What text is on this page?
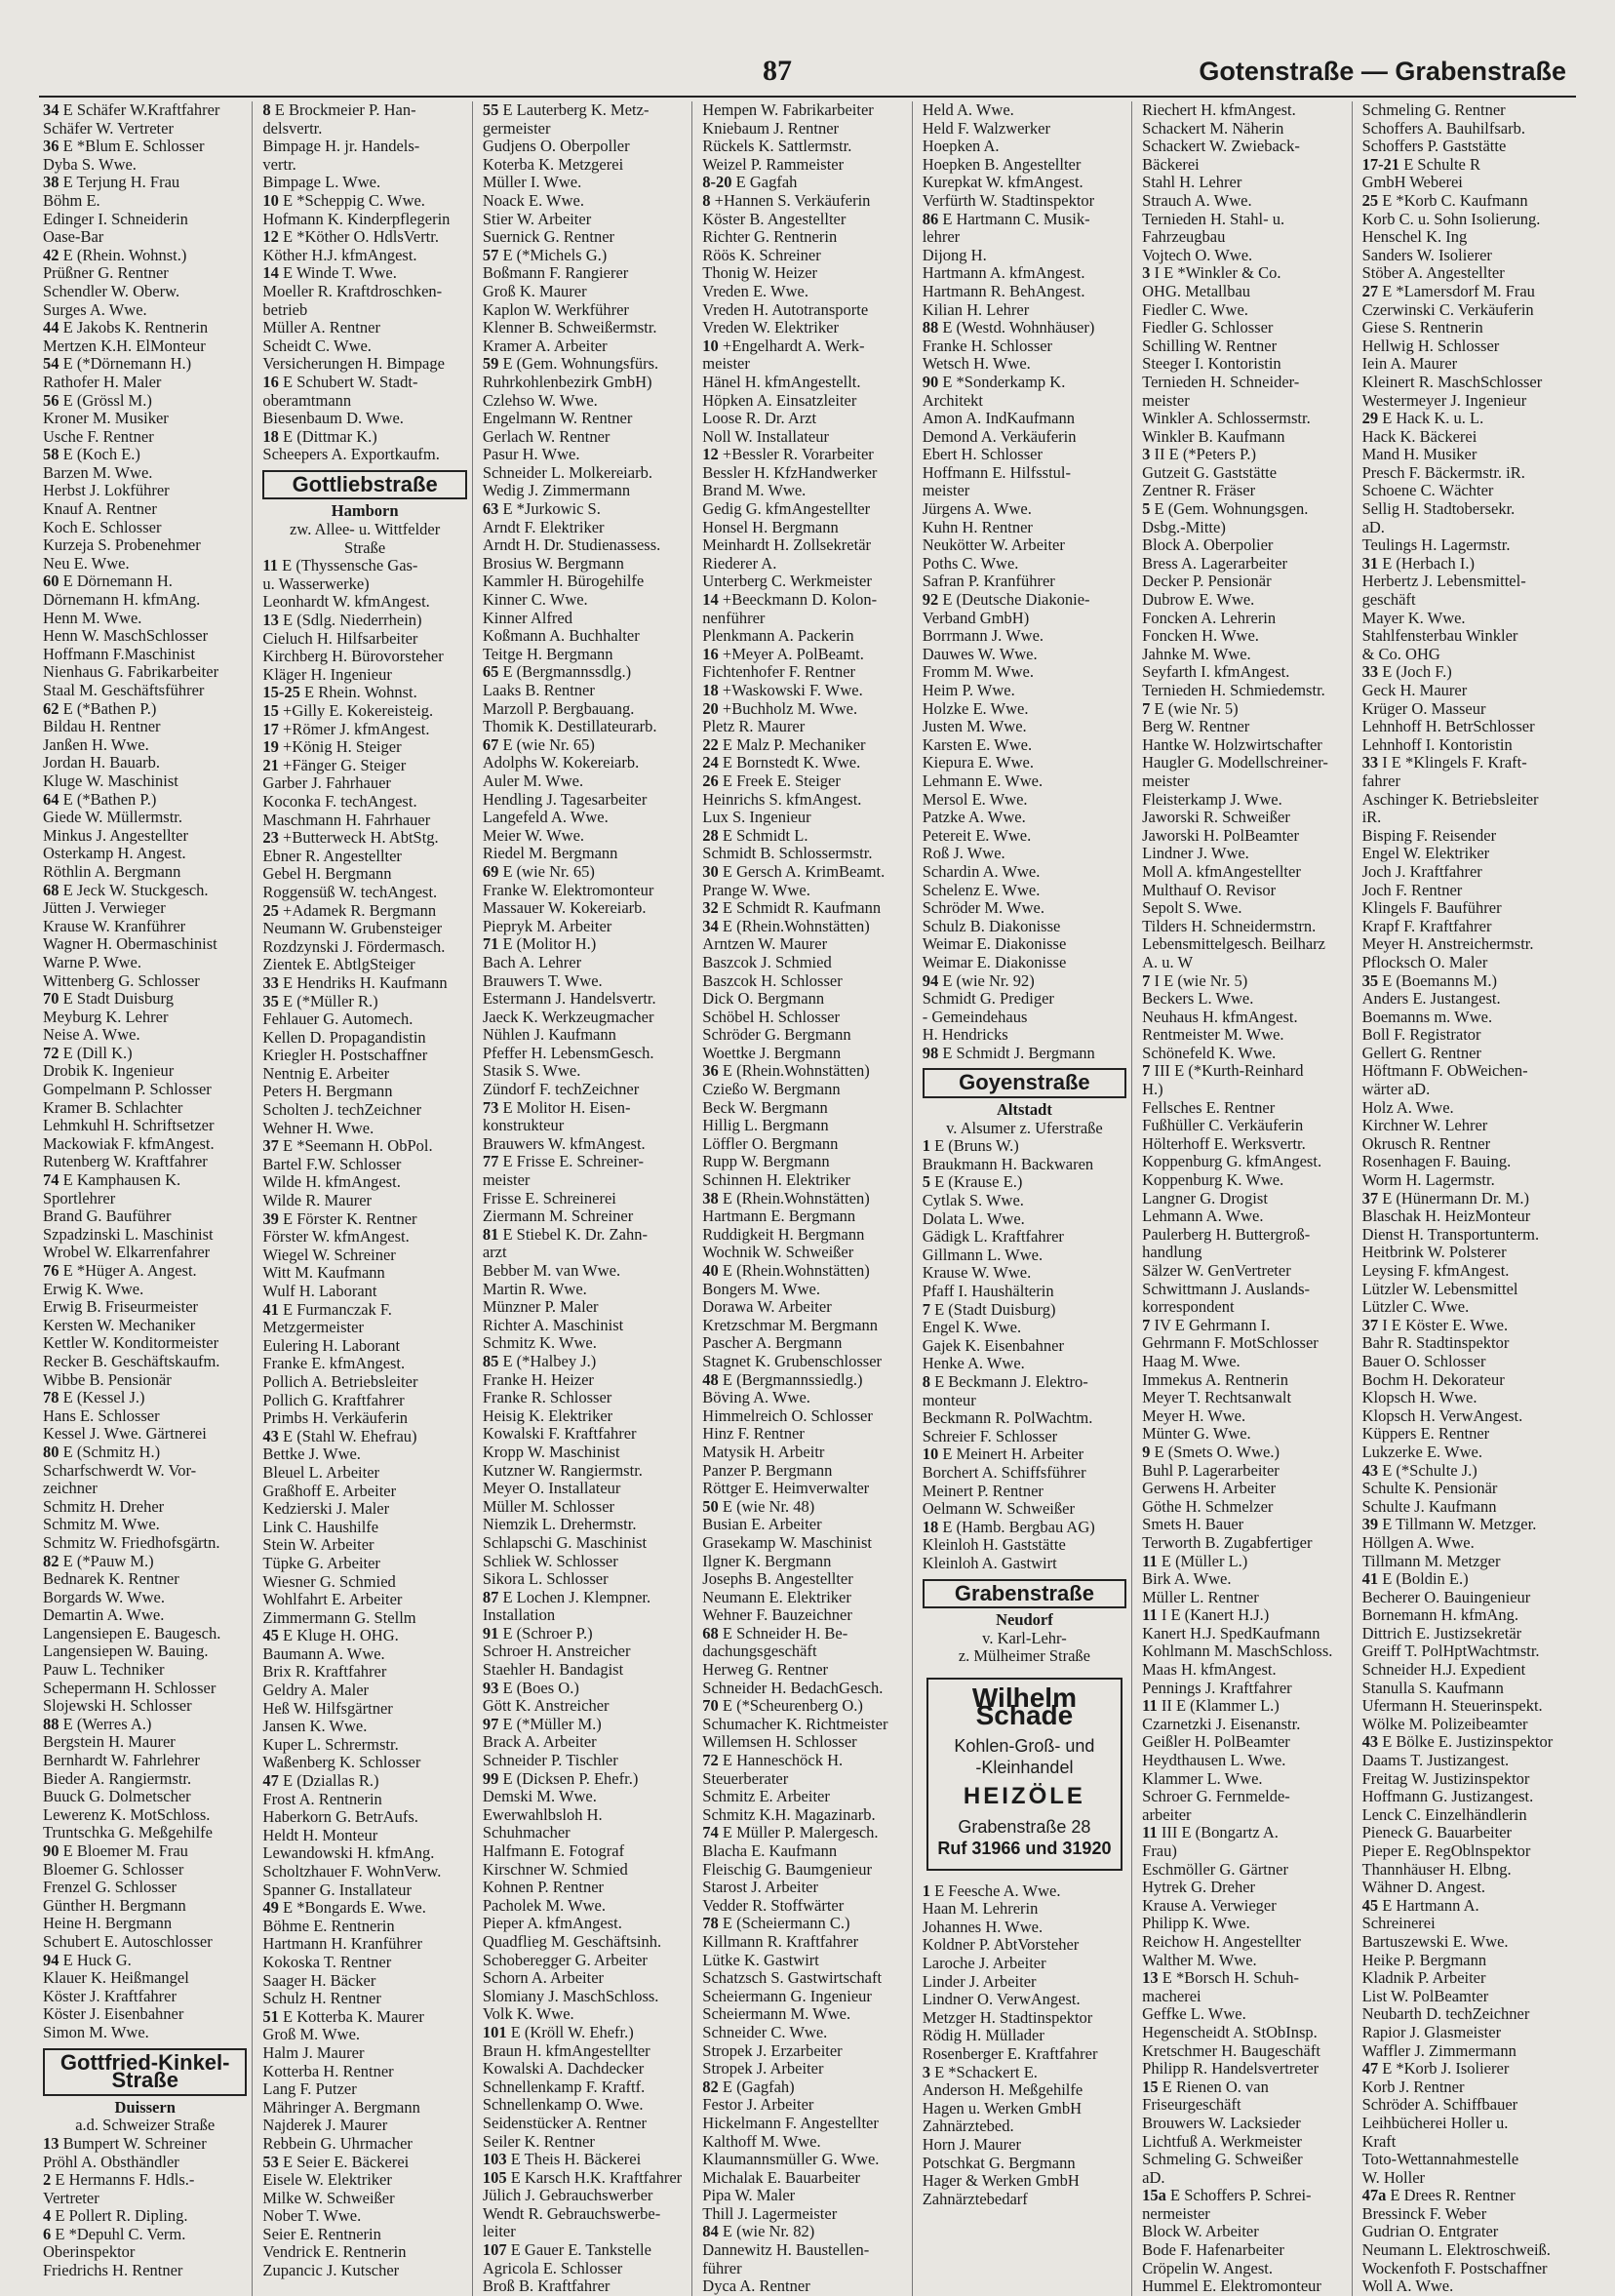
87	Gotenstraße — Grabenstraße
34 E Schäfer W.Kraftfahrer
Schäfer W. Vertreter
36 E *Blum E. Schlosser
Dyba S. Wwe.
38 E Terjung H. Frau
Böhm E.
Edinger I. Schneiderin
Oase-Bar
42 E (Rhein. Wohnst.)
Prüßner G. Rentner
Schendler W. Oberw.
Surges A. Wwe.
44 E Jakobs K. Rentnerin
Mertzen K.H. ElMonteur
54 E (*Dörnemann H.)
Rathofer H. Maler
56 E (Grössl M.)
Kroner M. Musiker
Usche F. Rentner
58 E (Koch E.)
Barzen M. Wwe.
Herbst J. Lokführer
Knauf A. Rentner
Koch E. Schlosser
Kurzeja S. Probenehmer
Neu E. Wwe.
60 E Dörnemann H.
Dörnemann H. kfmAng.
Henn M. Wwe.
Henn W. MaschSchlosser
Hoffmann F.Maschinist
Nienhaus G. Fabrikarbeiter
Staal M. Geschäftsführer
62 E (*Bathen P.)
Bildau H. Rentner
Janßen H. Wwe.
Jordan H. Bauarb.
Kluge W. Maschinist
64 E (*Bathen P.)
Giede W. Müllermstr.
Minkus J. Angestellter
Osterkamp H. Angest.
Röthlin A. Bergmann
68 E Jeck W. Stuckgesch.
Jütten J. Verwieger
Krause W. Kranführer
Wagner H. Obermaschinist
Warne P. Wwe.
Wittenberg G. Schlosser
70 E Stadt Duisburg
Meyburg K. Lehrer
Neise A. Wwe.
72 E (Dill K.)
Drobik K. Ingenieur
Gompelmann P. Schlosser
Kramer B. Schlachter
Lehmkuhl H. Schriftsetzer
Mackowiak F. kfmAngest.
Rutenberg W. Kraftfahrer
74 E Kamphausen K.
Sportlehrer
Brand G. Bauführer
Szpadzinski L. Maschinist
Wrobel W. Elkarrenfahrer
76 E *Hüger A. Angest.
Erwig K. Wwe.
Erwig B. Friseurmeister
Kersten W. Mechaniker
Kettler W. Konditormeister
Recker B. Geschäftskaufm.
Wibbe B. Pensionär
78 E (Kessel J.)
Hans E. Schlosser
Kessel J. Wwe. Gärtnerei
80 E (Schmitz H.)
Scharfschwerdt W. Vor-
zeichner
Schmitz H. Dreher
Schmitz M. Wwe.
Schmitz W. Friedhofsgärtn.
82 E (*Pauw M.)
Bednarek K. Rentner
Borgards W. Wwe.
Demartin A. Wwe.
Langensiepen E. Baugesch.
Langensiepen W. Bauing.
Pauw L. Techniker
Schepermann H. Schlosser
Slojewski H. Schlosser
88 E (Werres A.)
Bergstein H. Maurer
Bernhardt W. Fahrlehrer
Bieder A. Rangiermstr.
Buuck G. Dolmetscher
Lewerenz K. MotSchloss.
Truntschka G. Meßgehilfe
90 E Bloemer M. Frau
Bloemer G. Schlosser
Frenzel G. Schlosser
Günther H. Bergmann
Heine H. Bergmann
Schubert E. Autoschlosser
94 E Huck G.
Klauer K. Heißmangel
Köster J. Kraftfahrer
Köster J. Eisenbahner
Simon M. Wwe.
Gottfried-Kinkel-Straße
Duissern
a.d. Schweizer Straße
13 Bumpert W. Schreiner
Pröhl A. Obsthändler
2 E Hermanns F. Hdls.-
Vertreter
4 E Pollert R. Dipling.
6 E *Depuhl C. Verm.
Oberinspektor
Friedrichs H. Rentner
8 E Brockmeier P. Han-
delsvertr.
Bimpage H. jr. Handels-
vertr.
Bimpage L. Wwe.
10 E *Scheppig C. Wwe.
Hofmann K. Kinderpflegerin
12 E *Köther O. HdlsVertr.
Köther H.J. kfmAngest.
14 E Winde T. Wwe.
Moeller R. Kraftdroschken-
betrieb
Müller A. Rentner
Scheidt C. Wwe.
Versicherungen H. Bimpage
16 E Schubert W. Stadt-
oberamtmann
Biesenbaum D. Wwe.
18 E (Dittmar K.)
Scheepers A. Exportkaufm.
Gottliebstraße
Hamborn
zw. Allee- u. Wittfelder
Straße
11 E (Thyssensche Gas-
u. Wasserwerke)
Leonhardt W. kfmAngest.
13 E (Sdlg. Niederrhein)
Cieluch H. Hilfsarbeiter
Kirchberg H. Bürovorsteher
Kläger H. Ingenieur
15-25 E Rhein. Wohnst.
15 +Gilly E. Kokereisteig.
17 +Römer J. kfmAngest.
19 +König H. Steiger
21 +Fänger G. Steiger
Garber J. Fahrhauer
Koconka F. techAngest.
Maschmann H. Fahrhauer
23 +Butterweck H. AbtStg.
Ebner R. Angestellter
Gebel H. Bergmann
Roggensüß W. techAngest.
25 +Adamek R. Bergmann
Neumann W. Grubensteiger
Rozdzynski J. Fördermasch.
Zientek E. AbtlgSteiger
33 E Hendriks H. Kaufmann
35 E (*Müller R.)
Fehlauer G. Automech.
Kellen D. Propagandistin
Kriegler H. Postschaffner
Nentnig E. Arbeiter
Peters H. Bergmann
Scholten J. techZeichner
Wehner H. Wwe.
37 E *Seemann H. ObPol.
Bartel F.W. Schlosser
Wilde H. kfmAngest.
Wilde R. Maurer
39 E Förster K. Rentner
Förster W. kfmAngest.
Wiegel W. Schreiner
Witt M. Kaufmann
Wulf H. Laborant
41 E Furmanczak F.
Metzgermeister
Eulering H. Laborant
Franke E. kfmAngest.
Pollich A. Betriebsleiter
Pollich G. Kraftfahrer
Primbs H. Verkäuferin
43 E (Stahl W. Ehefrau)
Bettke J. Wwe.
Bleuel L. Arbeiter
Graßhoff E. Arbeiter
Kedzierski J. Maler
Link C. Haushilfe
Stein W. Arbeiter
Tüpke G. Arbeiter
Wiesner G. Schmied
Wohlfahrt E. Arbeiter
Zimmermann G. Stellm
45 E Kluge H. OHG.
Baumann A. Wwe.
Brix R. Kraftfahrer
Geldry A. Maler
Heß W. Hilfsgärtner
Jansen K. Wwe.
Kuper L. Schrermstr.
Waßenberg K. Schlosser
47 E (Dziallas R.)
Frost A. Rentnerin
Haberkorn G. BetrAufs.
Heldt H. Monteur
Lewandowski H. kfmAng.
Scholtzhauer F. WohnVerw.
Spanner G. Installateur
49 E *Bongards E. Wwe.
Böhme E. Rentnerin
Hartmann H. Kranführer
Kokoska T. Rentner
Saager H. Bäcker
Schulz H. Rentner
51 E Kotterba K. Maurer
Groß M. Wwe.
Halm J. Maurer
Kotterba H. Rentner
Lang F. Putzer
Mähringer A. Bergmann
Najderek J. Maurer
Rebbein G. Uhrmacher
53 E Seier E. Bäckerei
Eisele W. Elektriker
Milke W. Schweißer
Nober T. Wwe.
Seier E. Rentnerin
Vendrick E. Rentnerin
Zupancic J. Kutscher
55 E Lauterberg K. Metz-
germeister
Gudjens O. Oberpoller
Koterba K. Metzgerei
Müller I. Wwe.
Noack E. Wwe.
Stier W. Arbeiter
Suernick G. Rentner
57 E (*Michels G.)
Boßmann F. Rangierer
Groß K. Maurer
Kaplon W. Werkführer
Klenner B. Schweißermstr.
Kramer A. Arbeiter
59 E (Gem. Wohnungsfürs.
Ruhrkohlenbezirk GmbH)
Czlehso W. Wwe.
Engelmann W. Rentner
Gerlach W. Rentner
Pasur H. Wwe.
Schneider L. Molkereiarb.
Wedig J. Zimmermann
63 E *Jurkowic S.
Arndt F. Elektriker
Arndt H. Dr. Studienassess.
Brosius W. Bergmann
Kammler H. Bürogehilfe
Kinner C. Wwe.
Kinner Alfred
Koßmann A. Buchhalter
Teitge H. Bergmann
65 E (Bergmannssdlg.)
Laaks B. Rentner
Marzoll P. Bergbauang.
Thomik K. Destillateurarb.
67 E (wie Nr. 65)
Adolphs W. Kokereiarb.
Auler M. Wwe.
Hendling J. Tagesarbeiter
Langefeld A. Wwe.
Meier W. Wwe.
Riedel M. Bergmann
69 E (wie Nr. 65)
Franke W. Elektromonteur
Massauer W. Kokereiarb.
Piepryk M. Arbeiter
71 E (Molitor H.)
Bach A. Lehrer
Brauwers T. Wwe.
Estermann J. Handelsvertr.
Jaeck K. Werkzeugmacher
Nühlen J. Kaufmann
Pfeffer H. LebensmGesch.
Stasik S. Wwe.
Zündorf F. techZeichner
73 E Molitor H. Eisen-
konstrukteur
Brauwers W. kfmAngest.
77 E Frisse E. Schreiner-
meister
Frisse E. Schreinerei
Ziermann M. Schreiner
81 E Stiebel K. Dr. Zahn-
arzt
Bebber M. van Wwe.
Martin R. Wwe.
Münzner P. Maler
Richter A. Maschinist
Schmitz K. Wwe.
85 E (*Halbey J.)
Franke H. Heizer
Franke R. Schlosser
Heisig K. Elektriker
Kowalski F. Kraftfahrer
Kropp W. Maschinist
Kutzner W. Rangiermstr.
Meyer O. Installateur
Müller M. Schlosser
Niemzik L. Drehermstr.
Schlapschi G. Maschinist
Schliek W. Schlosser
Sikora L. Schlosser
87 E Lochen J. Klempner.
Installation
91 E (Schroer P.)
Schroer H. Anstreicher
Staehler H. Bandagist
93 E (Boes O.)
Gött K. Anstreicher
97 E (*Müller M.)
Brack A. Arbeiter
Schneider P. Tischler
99 E (Dicksen P. Ehefr.)
Demski M. Wwe.
Ewerwahlbsloh H.
Schuhmacher
Halfmann E. Fotograf
Kirschner W. Schmied
Kohnen P. Rentner
Pacholek M. Wwe.
Pieper A. kfmAngest.
Quadflieg M. Geschäftsinh.
Schoberegger G. Arbeiter
Schorn A. Arbeiter
Slomiany J. MaschSchloss.
Volk K. Wwe.
101 E (Kröll W. Ehefr.)
Braun H. kfmAngestellter
Kowalski A. Dachdecker
Schnellenkamp F. Kraftf.
Schnellenkamp O. Wwe.
Seidenstücker A. Rentner
Seiler K. Rentner
103 E Theis H. Bäckerei
105 E Karsch H.K. Kraftfahrer
Jülich J. Gebrauchswerber
Wendt R. Gebrauchswerbe-
leiter
107 E Gauer E. Tankstelle
Agricola E. Schlosser
Broß B. Kraftfahrer
Hempen W. Fabrikarbeiter
Kniebaum J. Rentner
Rückels K. Sattlermstr.
Weizel P. Rammeister
8-20 E Gagfah
8 +Hannen S. Verkäuferin
Köster B. Angestellter
Richter G. Rentnerin
Röös K. Schreiner
Thonig W. Heizer
Vreden E. Wwe.
Vreden H. Autotransporte
Vreden W. Elektriker
10 +Engelhardt A. Werk-
meister
Hänel H. kfmAngestellt.
Höpken A. Einsatzleiter
Loose R. Dr. Arzt
Noll W. Installateur
12 +Bessler R. Vorarbeiter
Bessler H. KfzHandwerker
Brand M. Wwe.
Gedig G. kfmAngestellter
Honsel H. Bergmann
Meinhardt H. Zollsekretär
Riederer A.
Unterberg C. Werkmeister
14 +Beeckmann D. Kolon-
nenführer
Plenkmann A. Packerin
16 +Meyer A. PolBeamt.
Fichtenhofer F. Rentner
18 +Waskowski F. Wwe.
20 +Buchholz M. Wwe.
Pletz R. Maurer
22 E Malz P. Mechaniker
24 E Bornstedt K. Wwe.
26 E Freek E. Steiger
Heinrichs S. kfmAngest.
Lux S. Ingenieur
28 E Schmidt L.
Schmidt B. Schlossermstr.
30 E Gersch A. KrimBeamt.
Prange W. Wwe.
32 E Schmidt R. Kaufmann
34 E (Rhein.Wohnstätten)
Arntzen W. Maurer
Baszcok J. Schmied
Baszcok H. Schlosser
Dick O. Bergmann
Schöbel H. Schlosser
Schröder G. Bergmann
Woettke J. Bergmann
36 E (Rhein.Wohnstätten)
Czießo W. Bergmann
Beck W. Bergmann
Hillig L. Bergmann
Löffler O. Bergmann
Rupp W. Bergmann
Schinnen H. Elektriker
38 E (Rhein.Wohnstätten)
Hartmann E. Bergmann
Ruddigkeit H. Bergmann
Wochnik W. Schweißer
40 E (Rhein.Wohnstätten)
Bongers M. Wwe.
Dorawa W. Arbeiter
Kretzschmar M. Bergmann
Pascher A. Bergmann
Stagnet K. Grubenschlosser
48 E (Bergmannssiedlg.)
Böving A. Wwe.
Himmelreich O. Schlosser
Hinz F. Rentner
Matysik H. Arbeitr
Panzer P. Bergmann
Röttger E. Heimverwalter
50 E (wie Nr. 48)
Busian E. Arbeiter
Grasekamp W. Maschinist
Ilgner K. Bergmann
Josephs B. Angestellter
Neumann E. Elektriker
Wehner F. Bauzeichner
68 E Schneider H. Be-
dachungsgeschäft
Herweg G. Rentner
Schneider H. BedachGesch.
70 E (*Scheurenberg O.)
Schumacher K. Richtmeister
Willemsen H. Schlosser
72 E Hanneschöck H.
Steuerberater
Schmitz E. Arbeiter
Schmitz K.H. Magazinarb.
74 E Müller P. Malergesch.
Blacha E. Kaufmann
Fleischig G. Baumgenieur
Starost J. Arbeiter
Vedder R. Stoffwärter
78 E (Scheiermann C.)
Killmann R. Kraftfahrer
Lütke K. Gastwirt
Schatzsch S. Gastwirtschaft
Scheiermann G. Ingenieur
Scheiermann M. Wwe.
Schneider C. Wwe.
Stropek J. Erzarbeiter
Stropek J. Arbeiter
82 E (Gagfah)
Festor J. Arbeiter
Hickelmann F. Angestellter
Kalthoff M. Wwe.
Klaumannsmüller G. Wwe.
Michalak E. Bauarbeiter
Pipa W. Maler
Thill J. Lagermeister
84 E (wie Nr. 82)
Dannewitz H. Baustellen-
führer
Dyca A. Rentner
Held A. Wwe.
Held F. Walzwerker
Hoepken A.
Hoepken B. Angestellter
Kurepkat W. kfmAngest.
Verfürth W. Stadtinspektor
86 E Hartmann C. Musik-
lehrer
Dijong H.
Hartmann A. kfmAngest.
Hartmann R. BehAngest.
Kilian H. Lehrer
88 E (Westd. Wohnhäuser)
Franke H. Schlosser
Wetsch H. Wwe.
90 E *Sonderkamp K.
Architekt
Amon A. IndKaufmann
Demond A. Verkäuferin
Ebert H. Schlosser
Hoffmann E. Hilfsstul-
meister
Jürgens A. Wwe.
Kuhn H. Rentner
Neukötter W. Arbeiter
Poths C. Wwe.
Safran P. Kranführer
92 E (Deutsche Diakonie-
Verband GmbH)
Borrmann J. Wwe.
Dauwes W. Wwe.
Fromm M. Wwe.
Heim P. Wwe.
Holzke E. Wwe.
Justen M. Wwe.
Karsten E. Wwe.
Kiepura E. Wwe.
Lehmann E. Wwe.
Mersol E. Wwe.
Patzke A. Wwe.
Petereit E. Wwe.
Roß J. Wwe.
Schardin A. Wwe.
Schelenz E. Wwe.
Schröder M. Wwe.
Schulz B. Diakonisse
Weimar E. Diakonisse
Weimar E. Diakonisse
94 E (wie Nr. 92)
Schmidt G. Prediger
- Gemeindehaus
H. Hendricks
98 E Schmidt J. Bergmann
Goyenstraße
Altstadt
v. Alsumer z. Uferstraße
1 E (Bruns W.)
Braukmann H. Backwaren
5 E (Krause E.)
Cytlak S. Wwe.
Dolata L. Wwe.
Gädigk L. Kraftfahrer
Gillmann L. Wwe.
Krause W. Wwe.
Pfaff I. Haushälterin
7 E (Stadt Duisburg)
Engel K. Wwe.
Gajek K. Eisenbahner
Henke A. Wwe.
8 E Beckmann J. Elektro-
monteur
Beckmann R. PolWachtm.
Schreier F. Schlosser
10 E Meinert H. Arbeiter
Borchert A. Schiffsführer
Meinert P. Rentner
Oelmann W. Schweißer
18 E (Hamb. Bergbau AG)
Kleinloh H. Gaststätte
Kleinloh A. Gastwirt
Grabenstraße
Neudorf
v. Karl-Lehr-
z. Mülheimer Straße
Wilhelm Schade
Kohlen-Groß- und
-Kleinhandel
HEIZÖLE
Grabenstraße 28
Ruf 31966 und 31920
1 E Feesche A. Wwe.
Haan M. Lehrerin
Johannes H. Wwe.
Koldner P. AbtVorsteher
Laroche J. Arbeiter
Linder J. Arbeiter
Lindner O. VerwAngest.
Metzger H. Stadtinspektor
Rödig H. Müllader
Rosenberger E. Kraftfahrer
3 E *Schackert E.
Anderson H. Meßgehilfe
Hagen u. Werken GmbH
Zahnärztebed.
Horn J. Maurer
Potschkat G. Bergmann
Hager & Werken GmbH
Zahnärztebedarf
Riechert H. kfmAngest.
Schackert M. Näherin
Schackert W. Zwieback-
Bäckerei
Stahl H. Lehrer
Strauch A. Wwe.
Ternieden H. Stahl- u.
Fahrzeugbau
Vojtech O. Wwe.
3 I E *Winkler & Co.
OHG. Metallbau
Fiedler C. Wwe.
Fiedler G. Schlosser
Schilling W. Rentner
Steeger I. Kontoristin
Ternieden H. Schneider-
meister
Winkler A. Schlossermstr.
Winkler B. Kaufmann
3 II E (*Peters P.)
Gutzeit G. Gaststätte
Zentner R. Fräser
5 E (Gem. Wohnungsgen.
Dsbg.-Mitte)
Block A. Oberpolier
Bress A. Lagerarbeiter
Decker P. Pensionär
Dubrow E. Wwe.
Foncken A. Lehrerin
Foncken H. Wwe.
Jahnke M. Wwe.
Seyfarth I. kfmAngest.
Ternieden H. Schmiedemstr.
7 E (wie Nr. 5)
Berg W. Rentner
Hantke W. Holzwirtschafter
Haugler G. Modellschreiner-
meister
Fleisterkamp J. Wwe.
Jaworski R. Schweißer
Jaworski H. PolBeamter
Lindner J. Wwe.
Moll A. kfmAngestellter
Multhauf O. Revisor
Sepolt S. Wwe.
Tilders H. Schneidermstrn.
Lebensmittelgesch. Beilharz
A. u. W
7 I E (wie Nr. 5)
Beckers L. Wwe.
Neuhaus H. kfmAngest.
Rentmeister M. Wwe.
Schönefeld K. Wwe.
7 III E (*Kurth-Reinhard
H.)
Fellsches E. Rentner
Fußhüller C. Verkäuferin
Hölterhoff E. Werksvertr.
Koppenburg G. kfmAngest.
Koppenburg K. Wwe.
Langner G. Drogist
Lehmann A. Wwe.
Paulerberg H. Buttergroß-
handlung
Sälzer W. GenVertreter
Schwittmann J. Auslands-
korrespondent
7 IV E Gehrmann I.
Gehrmann F. MotSchlosser
Haag M. Wwe.
Immekus A. Rentnerin
Meyer T. Rechtsanwalt
Meyer H. Wwe.
Münter G. Wwe.
9 E (Smets O. Wwe.)
Buhl P. Lagerarbeiter
Gerwens H. Arbeiter
Göthe H. Schmelzer
Smets H. Bauer
Terworth B. Zugabfertiger
11 E (Müller L.)
Birk A. Wwe.
Müller L. Rentner
11 I E (Kanert H.J.)
Kanert H.J. SpedKaufmann
Kohlmann M. MaschSchloss.
Maas H. kfmAngest.
Pennings J. Kraftfahrer
11 II E (Klammer L.)
Czarnetzki J. Eisenanstr.
Geißler H. PolBeamter
Heydthausen L. Wwe.
Klammer L. Wwe.
Schroer G. Fernmelde-
arbeiter
11 III E (Bongartz A.
Frau)
Eschmöller G. Gärtner
Hytrek G. Dreher
Krause A. Verwieger
Philipp K. Wwe.
Reichow H. Angestellter
Walther M. Wwe.
13 E *Borsch H. Schuh-
macherei
Geffke L. Wwe.
Hegenscheidt A. StObInsp.
Kretschmer H. Baugeschäft
Philipp R. Handelsvertreter
15 E Rienen O. van
Friseurgeschäft
Brouwers W. Lacksieder
Lichtfuß A. Werkmeister
Schmeling G. Schweißer
aD.
15a E Schoffers P. Schrei-
nermeister
Block W. Arbeiter
Bode F. Hafenarbeiter
Cröpelin W. Angest.
Hummel E. Elektromonteur
Schmeling G. Rentner
Schoffers A. Bauhilfsarb.
Schoffers P. Gaststätte
17-21 E Schulte R
GmbH Weberei
25 E *Korb C. Kaufmann
Korb C. u. Sohn Isolierung.
Henschel K. Ing
Sanders W. Isolierer
Stöber A. Angestellter
27 E *Lamersdorf M. Frau
Czerwinski C. Verkäuferin
Giese S. Rentnerin
Hellwig H. Schlosser
Iein A. Maurer
Kleinert R. MaschSchlosser
Westermeyer J. Ingenieur
29 E Hack K. u. L.
Hack K. Bäckerei
Mand H. Musiker
Presch F. Bäckermstr. iR.
Schoene C. Wächter
Sellig H. Stadtobersekr.
aD.
Teulings H. Lagermstr.
31 E (Herbach I.)
Herbertz J. Lebensmittel-
geschäft
Mayer K. Wwe.
Stahlfensterbau Winkler
& Co. OHG
33 E (Joch F.)
Geck H. Maurer
Krüger O. Masseur
Lehnhoff H. BetrSchlosser
Lehnhoff I. Kontoristin
33 I E *Klingels F. Kraft-
fahrer
Aschinger K. Betriebsleiter
iR.
Bisping F. Reisender
Engel W. Elektriker
Joch J. Kraftfahrer
Joch F. Rentner
Klingels F. Bauführer
Krapf F. Kraftfahrer
Meyer H. Anstreichermstr.
Pflocksch O. Maler
35 E (Boemanns M.)
Anders E. Justangest.
Boemanns m. Wwe.
Boll F. Registrator
Gellert G. Rentner
Höftmann F. ObWeichen-
wärter aD.
Holz A. Wwe.
Kirchner W. Lehrer
Okrusch R. Rentner
Rosenhagen F. Bauing.
Worm H. Lagermstr.
37 E (Hünermann Dr. M.)
Blaschak H. HeizMonteur
Dienst H. Transportunterm.
Heitbrink W. Polsterer
Leysing F. kfmAngest.
Lützler W. Lebensmittel
Lützler C. Wwe.
37 I E Köster E. Wwe.
Bahr R. Stadtinspektor
Bauer O. Schlosser
Bochm H. Dekorateur
Klopsch H. Wwe.
Klopsch H. VerwAngest.
Küppers E. Rentner
Lukzerke E. Wwe.
43 E (*Schulte J.)
Schulte K. Pensionär
Schulte J. Kaufmann
39 E Tillmann W. Metzger.
Höllgen A. Wwe.
Tillmann M. Metzger
41 E (Boldin E.)
Becherer O. Bauingenieur
Bornemann H. kfmAng.
Dittrich E. Justizsekretär
Greiff T. PolHptWachtmstr.
Schneider H.J. Expedient
Stanulla S. Kaufmann
Ufermann H. Steuerinspekt.
Wölke M. Polizeibeamter
43 E Bölke E. Justizinspektor
Daams T. Justizangest.
Freitag W. Justizinspektor
Hoffmann G. Justizangest.
Lenck C. Einzelhändlerin
Pieneck G. Bauarbeiter
Pieper E. RegOblnspektor
Thannhäuser H. Elbng.
Wähner D. Angest.
45 E Hartmann A.
Schreinerei
Bartuszewski E. Wwe.
Heike P. Bergmann
Kladnik P. Arbeiter
List W. PolBeamter
Neubarth D. techZeichner
Rapior J. Glasmeister
Waffler J. Zimmermann
47 E *Korb J. Isolierer
Korb J. Rentner
Schröder A. Schiffbauer
Leihbücherei Holler u.
Kraft
Toto-Wettannahmestelle
W. Holler
47a E Drees R. Rentner
Bressinck F. Weber
Gudrian O. Entgrater
Neumann L. Elektroschweiß.
Wockenfoth F. Postschaffner
Woll A. Wwe.
